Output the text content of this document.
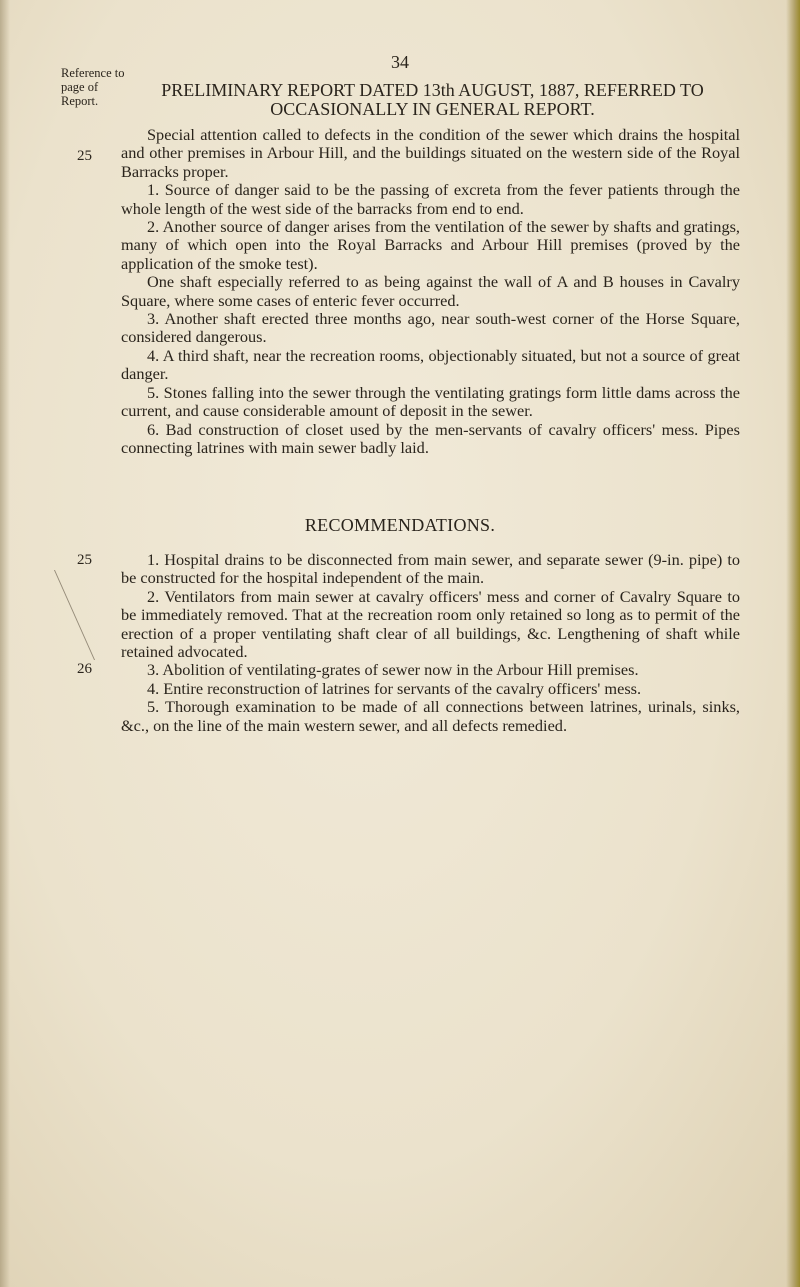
34
Reference to page of Report.
25
25
26
PRELIMINARY REPORT DATED 13th AUGUST, 1887, REFERRED TO OCCASIONALLY IN GENERAL REPORT.

Special attention called to defects in the condition of the sewer which drains the hospital and other premises in Arbour Hill, and the buildings situated on the western side of the Royal Barracks proper.

1. Source of danger said to be the passing of excreta from the fever patients through the whole length of the west side of the barracks from end to end.

2. Another source of danger arises from the ventilation of the sewer by shafts and gratings, many of which open into the Royal Barracks and Arbour Hill premises (proved by the application of the smoke test).

One shaft especially referred to as being against the wall of A and B houses in Cavalry Square, where some cases of enteric fever occurred.

3. Another shaft erected three months ago, near south-west corner of the Horse Square, considered dangerous.

4. A third shaft, near the recreation rooms, objectionably situated, but not a source of great danger.

5. Stones falling into the sewer through the ventilating gratings form little dams across the current, and cause considerable amount of deposit in the sewer.

6. Bad construction of closet used by the men-servants of cavalry officers' mess. Pipes connecting latrines with main sewer badly laid.

RECOMMENDATIONS.

1. Hospital drains to be disconnected from main sewer, and separate sewer (9-in. pipe) to be constructed for the hospital independent of the main.

2. Ventilators from main sewer at cavalry officers' mess and corner of Cavalry Square to be immediately removed. That at the recreation room only retained so long as to permit of the erection of a proper ventilating shaft clear of all buildings, &c. Lengthening of shaft while retained advocated.

3. Abolition of ventilating-grates of sewer now in the Arbour Hill premises.

4. Entire reconstruction of latrines for servants of the cavalry officers' mess.

5. Thorough examination to be made of all connections between latrines, urinals, sinks, &c., on the line of the main western sewer, and all defects remedied.
